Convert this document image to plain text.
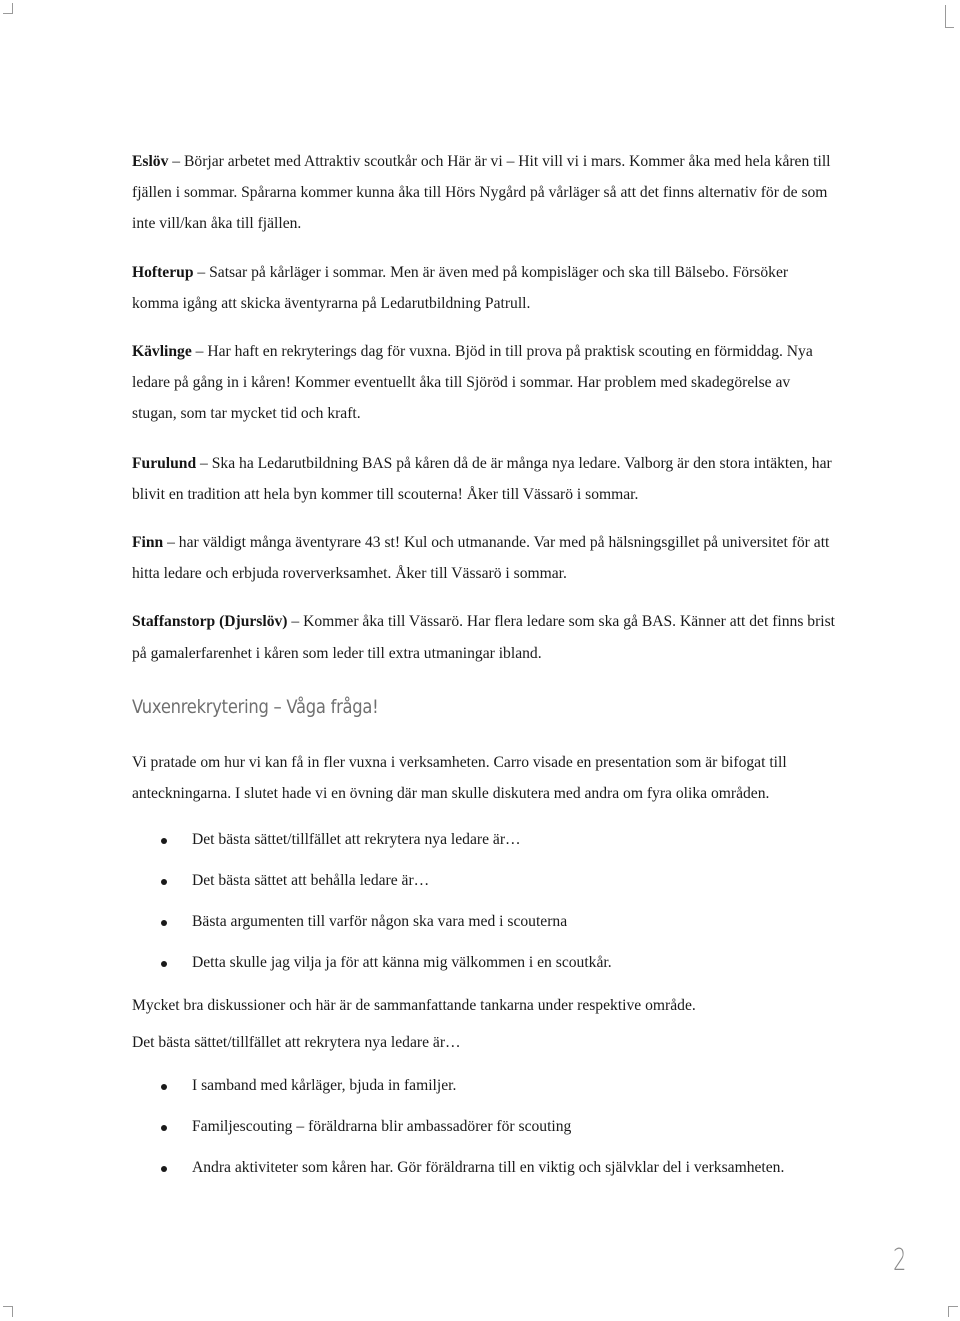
Eslöv – Börjar arbetet med Attraktiv scoutkår och Här är vi – Hit vill vi i mars. Kommer åka med hela kåren till fjällen i sommar. Spårarna kommer kunna åka till Hörs Nygård på vårläger så att det finns alternativ för de som inte vill/kan åka till fjällen.

Hofterup – Satsar på kårläger i sommar. Men är även med på kompisläger och ska till Bälsebo. Försöker komma igång att skicka äventyrarna på Ledarutbildning Patrull.

Kävlinge – Har haft en rekryterings dag för vuxna. Bjöd in till prova på praktisk scouting en förmiddag. Nya ledare på gång in i kåren! Kommer eventuellt åka till Sjöröd i sommar. Har problem med skadegörelse av stugan, som tar mycket tid och kraft.

Furulund – Ska ha Ledarutbildning BAS på kåren då de är många nya ledare. Valborg är den stora intäkten, har blivit en tradition att hela byn kommer till scouterna! Åker till Vässarö i sommar.

Finn – har väldigt många äventyrare 43 st! Kul och utmanande. Var med på hälsningsgillet på universitet för att hitta ledare och erbjuda roververksamhet. Åker till Vässarö i sommar.

Staffanstorp (Djurslöv) – Kommer åka till Vässarö. Har flera ledare som ska gå BAS. Känner att det finns brist på gamalerfarenhet i kåren som leder till extra utmaningar ibland.

Vuxenrekrytering – Våga fråga!

Vi pratade om hur vi kan få in fler vuxna i verksamheten. Carro visade en presentation som är bifogat till anteckningarna. I slutet hade vi en övning där man skulle diskutera med andra om fyra olika områden.

Det bästa sättet/tillfället att rekrytera nya ledare är…
Det bästa sättet att behålla ledare är…
Bästa argumenten till varför någon ska vara med i scouterna
Detta skulle jag vilja ja för att känna mig välkommen i en scoutkår.

Mycket bra diskussioner och här är de sammanfattande tankarna under respektive område.

Det bästa sättet/tillfället att rekrytera nya ledare är…

I samband med kårläger, bjuda in familjer.
Familjescouting – föräldrarna blir ambassadörer för scouting
Andra aktiviteter som kåren har. Gör föräldrarna till en viktig och självklar del i verksamheten.
2
